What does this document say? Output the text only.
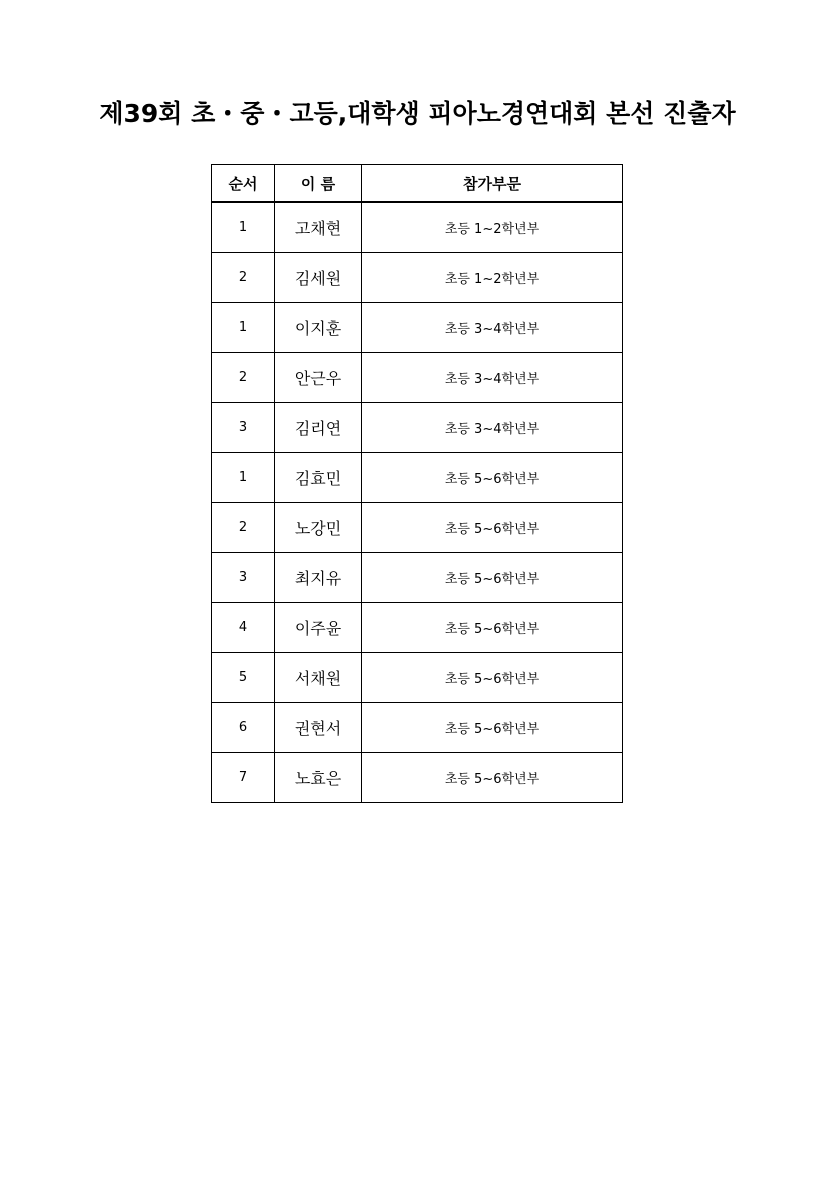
제39회 초・중・고등,대학생 피아노경연대회 본선 진출자
순서	이 름	참가부문
1	고채현	초등 1~2학년부
2	김세원	초등 1~2학년부
1	이지훈	초등 3~4학년부
2	안근우	초등 3~4학년부
3	김리연	초등 3~4학년부
1	김효민	초등 5~6학년부
2	노강민	초등 5~6학년부
3	최지유	초등 5~6학년부
4	이주윤	초등 5~6학년부
5	서채원	초등 5~6학년부
6	권현서	초등 5~6학년부
7	노효은	초등 5~6학년부
